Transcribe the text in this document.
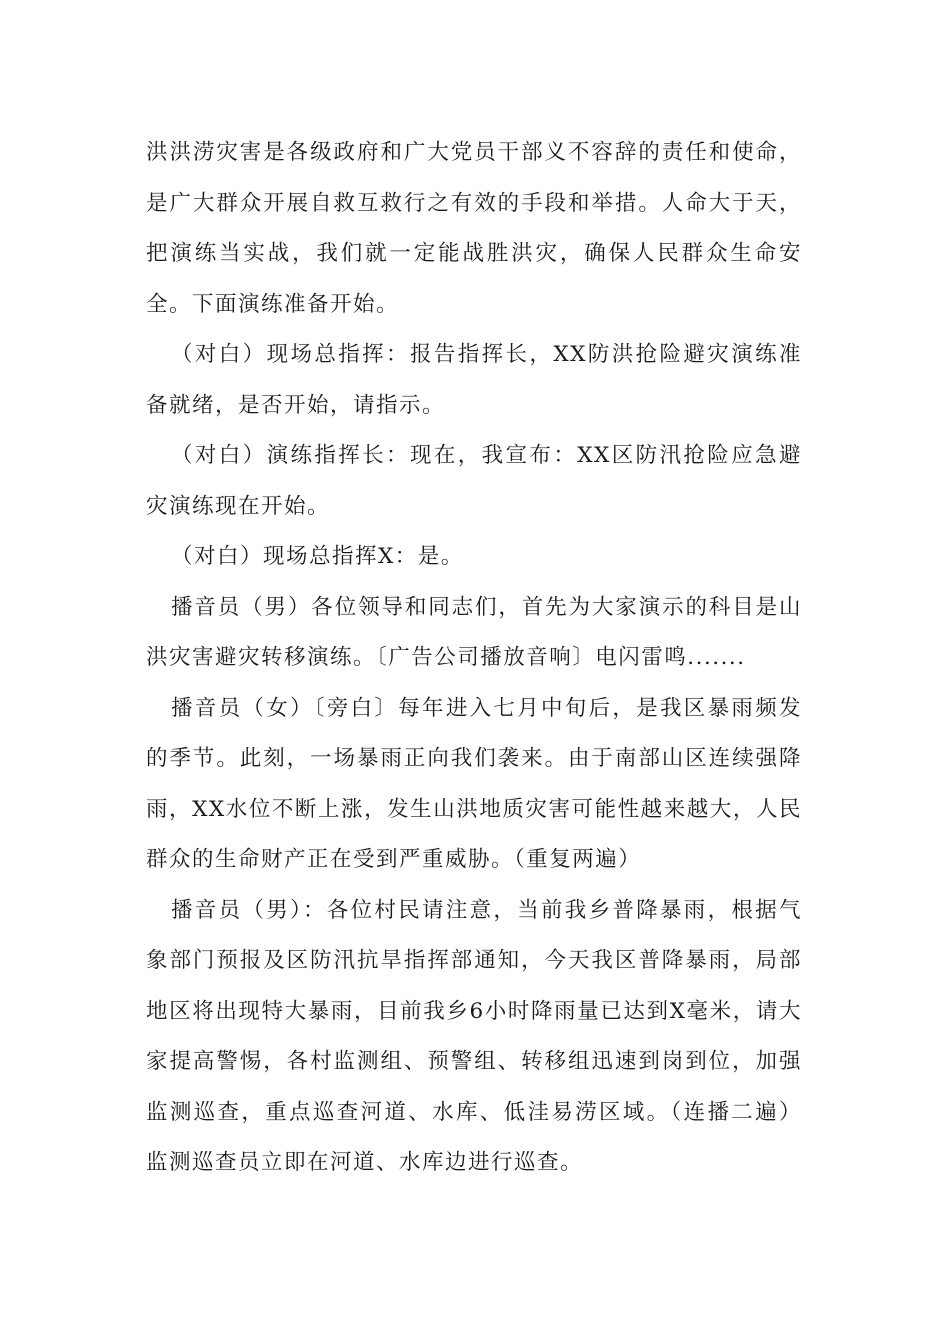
洪洪涝灾害是各级政府和广大党员干部义不容辞的责任和使命，是广大群众开展自救互救行之有效的手段和举措。人命大于天，把演练当实战，我们就一定能战胜洪灾，确保人民群众生命安全。下面演练准备开始。

（对白）现场总指挥：报告指挥长，XX防洪抢险避灾演练准备就绪，是否开始，请指示。

（对白）演练指挥长：现在，我宣布：XX区防汛抢险应急避灾演练现在开始。

（对白）现场总指挥X：是。

播音员（男）各位领导和同志们，首先为大家演示的科目是山洪灾害避灾转移演练。〔广告公司播放音响〕电闪雷鸣.......

播音员（女）〔旁白〕每年进入七月中旬后，是我区暴雨频发的季节。此刻，一场暴雨正向我们袭来。由于南部山区连续强降雨，XX水位不断上涨，发生山洪地质灾害可能性越来越大，人民群众的生命财产正在受到严重威胁。（重复两遍）

播音员（男）：各位村民请注意，当前我乡普降暴雨，根据气象部门预报及区防汛抗旱指挥部通知，今天我区普降暴雨，局部地区将出现特大暴雨，目前我乡6小时降雨量已达到X毫米，请大家提高警惕，各村监测组、预警组、转移组迅速到岗到位，加强监测巡查，重点巡查河道、水库、低洼易涝区域。（连播二遍）监测巡查员立即在河道、水库边进行巡查。
